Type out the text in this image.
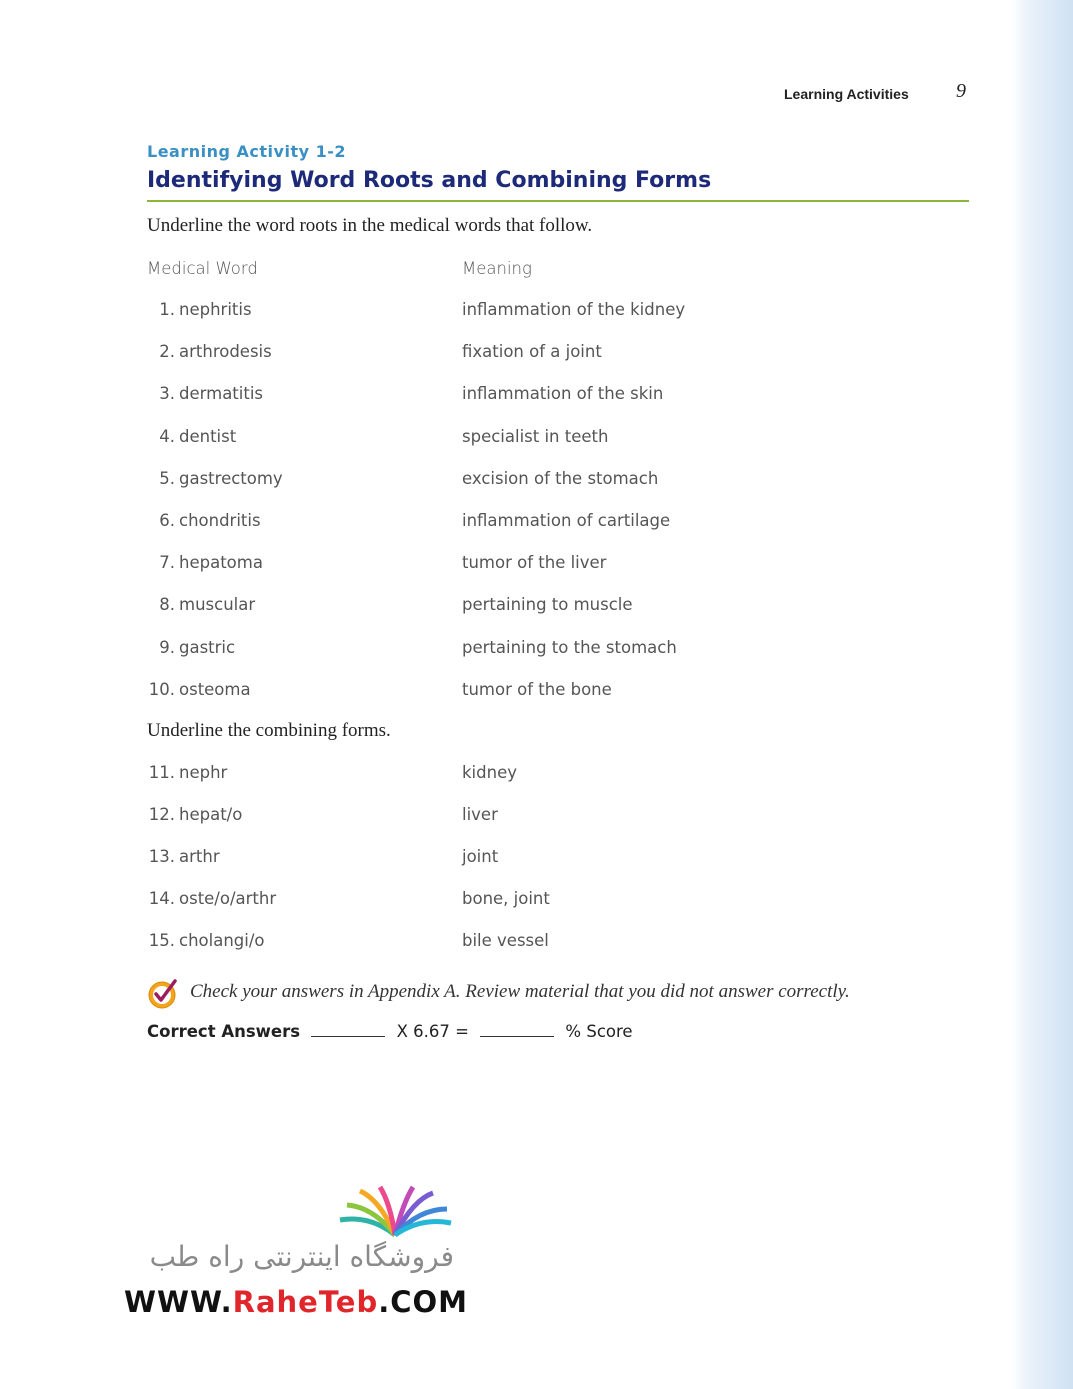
Learning Activities 9
Learning Activity 1-2
Identifying Word Roots and Combining Forms
Underline the word roots in the medical words that follow.
Medical Word	Meaning
1. nephritis	inflammation of the kidney
2. arthrodesis	fixation of a joint
3. dermatitis	inflammation of the skin
4. dentist	specialist in teeth
5. gastrectomy	excision of the stomach
6. chondritis	inflammation of cartilage
7. hepatoma	tumor of the liver
8. muscular	pertaining to muscle
9. gastric	pertaining to the stomach
10. osteoma	tumor of the bone
Underline the combining forms.
11. nephr	kidney
12. hepat/o	liver
13. arthr	joint
14. oste/o/arthr	bone, joint
15. cholangi/o	bile vessel
Check your answers in Appendix A. Review material that you did not answer correctly.
Correct Answers	X 6.67 =	% Score
فروشگاه اینترنتی راه طب
WWW.RaheTeb.COM
